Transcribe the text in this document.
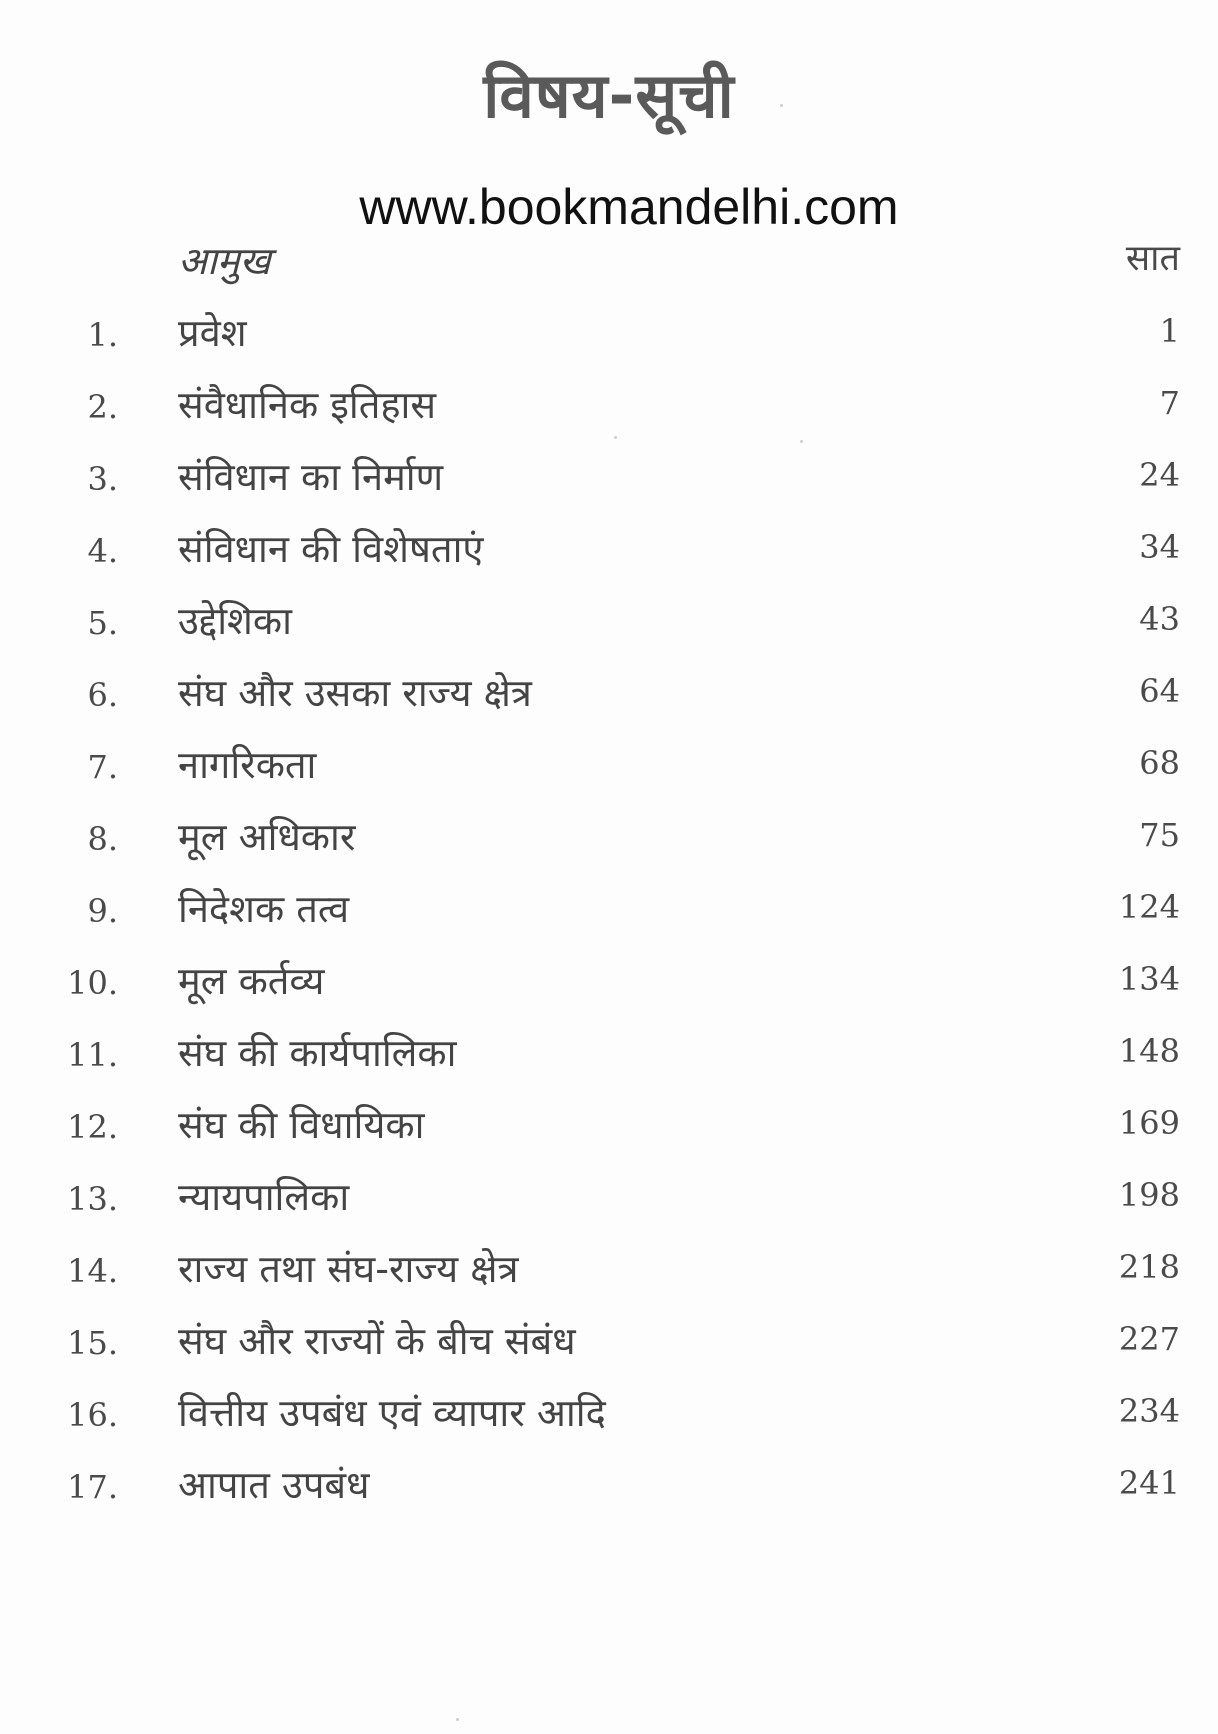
विषय-सूची
www.bookmandelhi.com
आमुख	सात
1. प्रवेश	1
2. संवैधानिक इतिहास	7
3. संविधान का निर्माण	24
4. संविधान की विशेषताएं	34
5. उद्देशिका	43
6. संघ और उसका राज्य क्षेत्र	64
7. नागरिकता	68
8. मूल अधिकार	75
9. निदेशक तत्व	124
10. मूल कर्तव्य	134
11. संघ की कार्यपालिका	148
12. संघ की विधायिका	169
13. न्यायपालिका	198
14. राज्य तथा संघ-राज्य क्षेत्र	218
15. संघ और राज्यों के बीच संबंध	227
16. वित्तीय उपबंध एवं व्यापार आदि	234
17. आपात उपबंध	241
